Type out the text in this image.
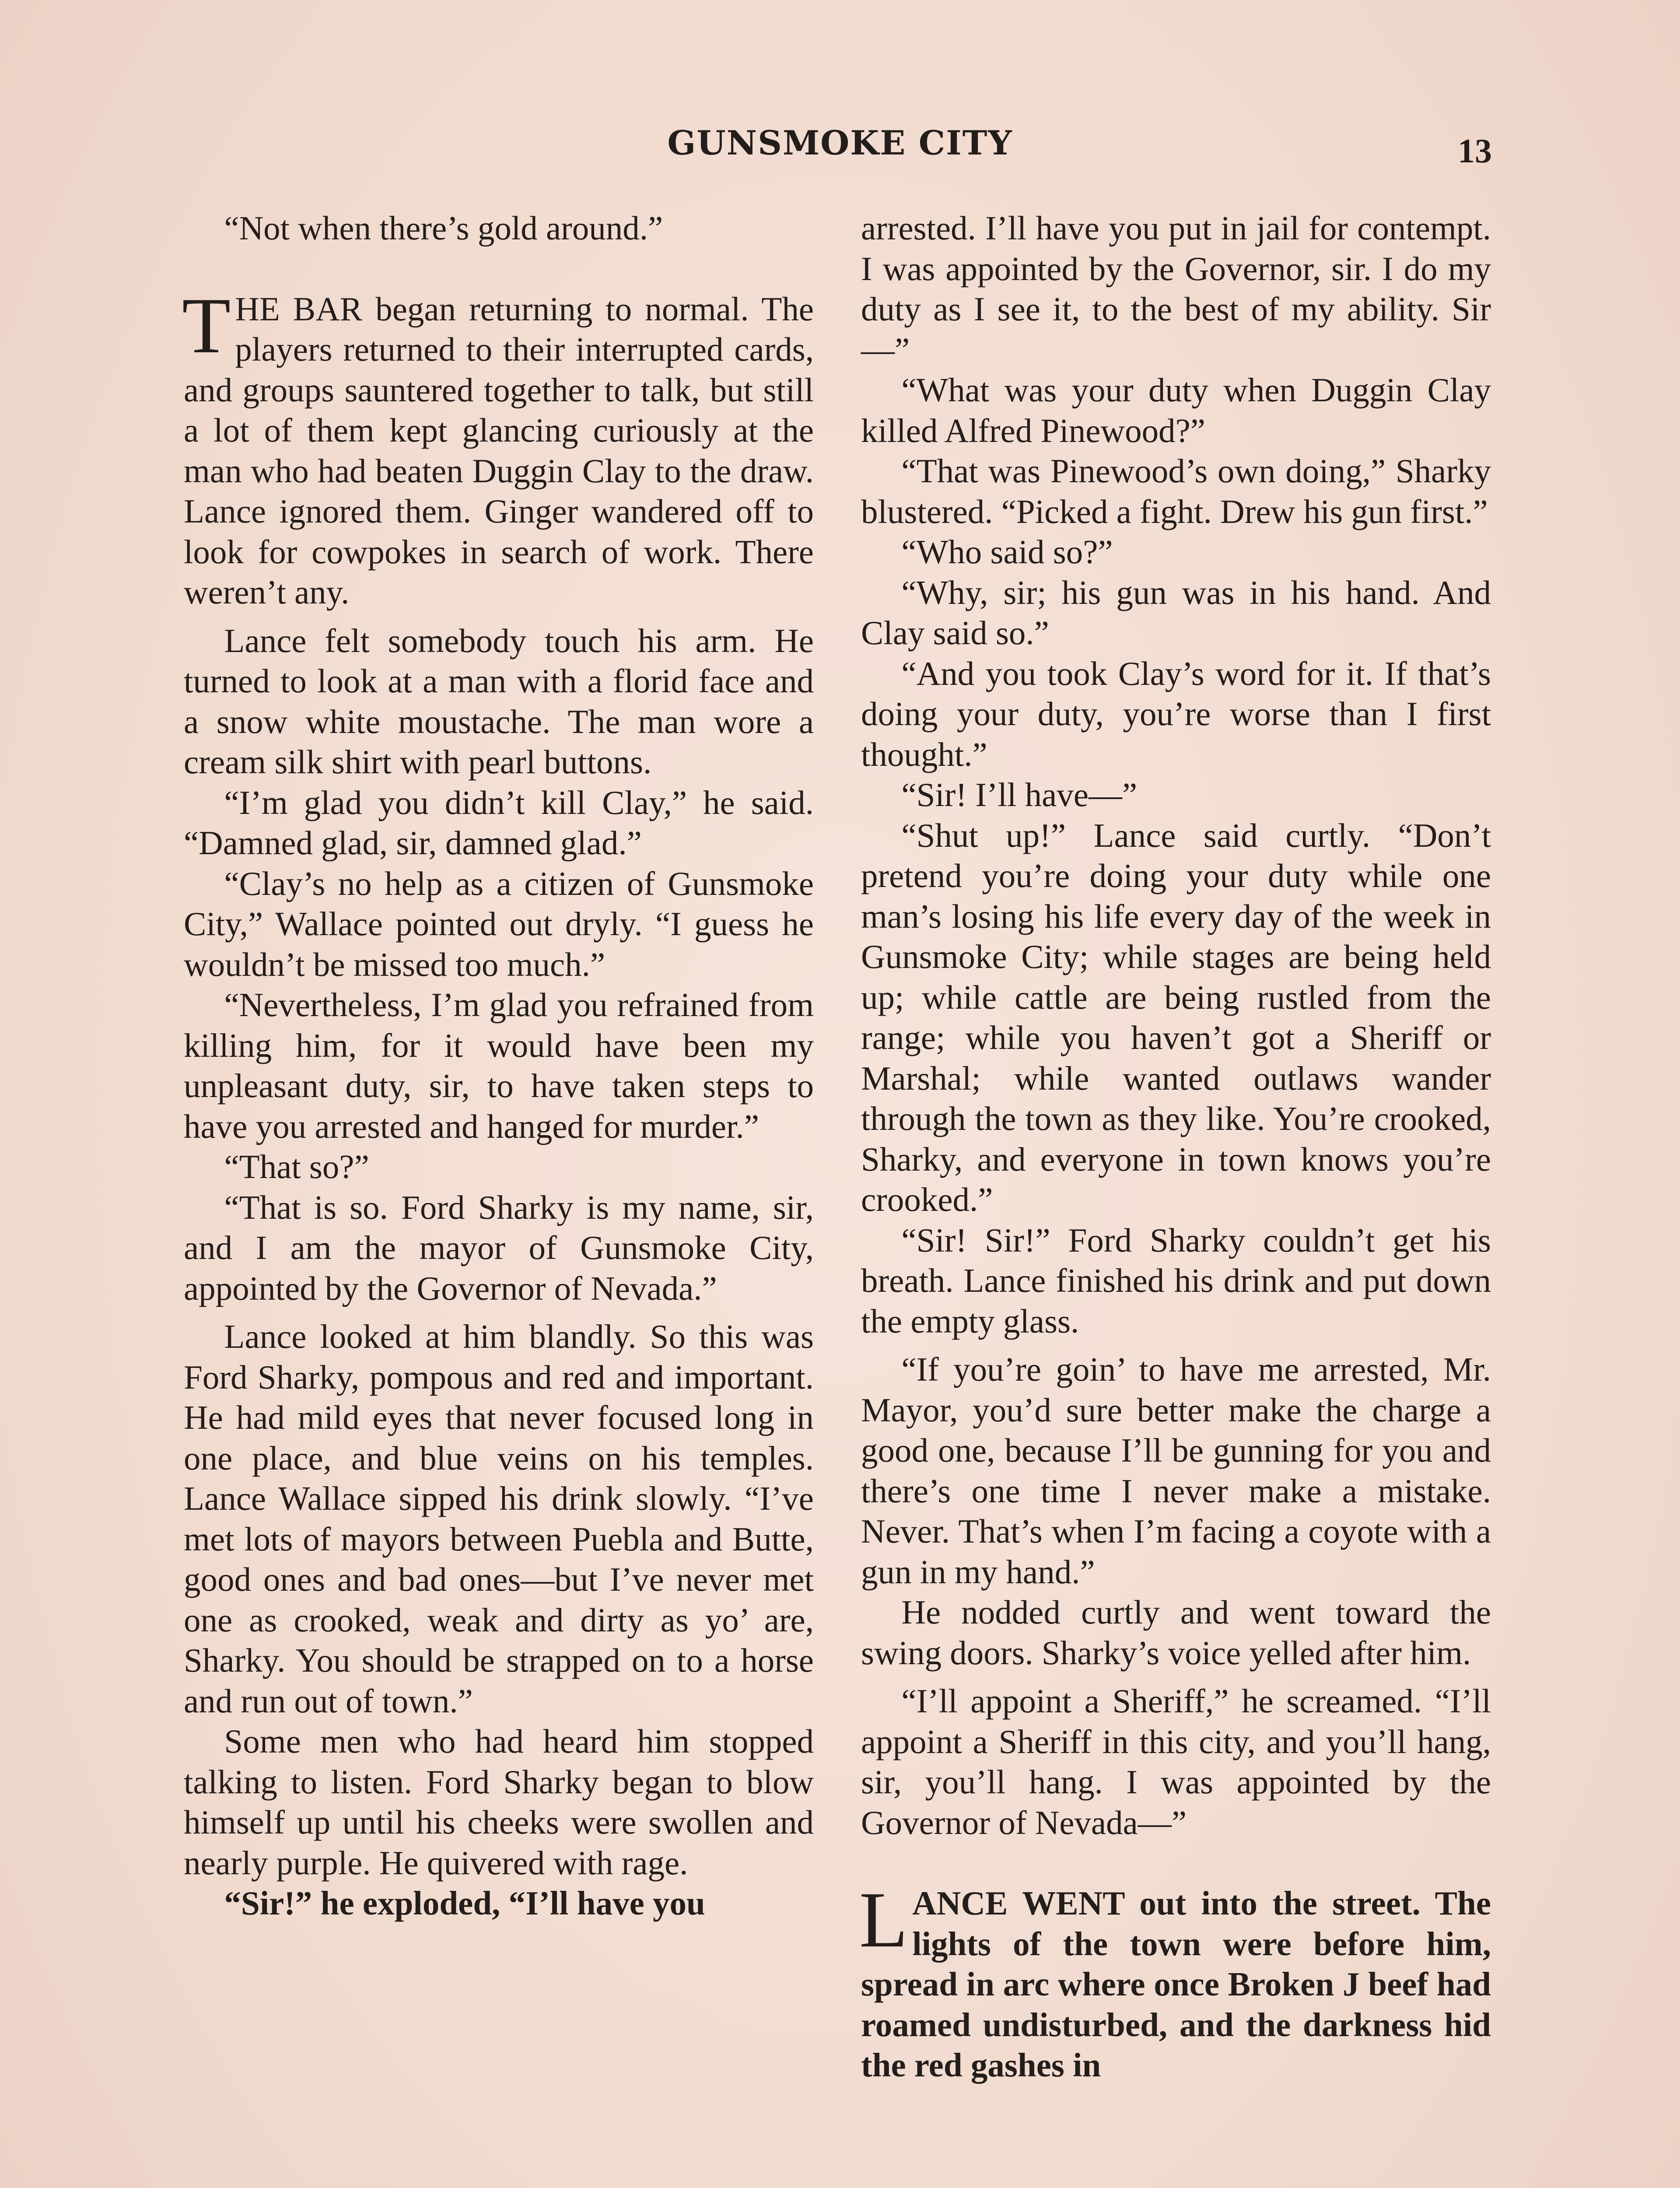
GUNSMOKE CITY	13

“Not when there’s gold around.”

THE BAR began returning to normal. The players returned to their interrupted cards, and groups sauntered together to talk, but still a lot of them kept glancing curiously at the man who had beaten Duggin Clay to the draw. Lance ignored them. Ginger wandered off to look for cowpokes in search of work. There weren’t any.

Lance felt somebody touch his arm. He turned to look at a man with a florid face and a snow white moustache. The man wore a cream silk shirt with pearl buttons.

“I’m glad you didn’t kill Clay,” he said. “Damned glad, sir, damned glad.”

“Clay’s no help as a citizen of Gunsmoke City,” Wallace pointed out dryly. “I guess he wouldn’t be missed too much.”

“Nevertheless, I’m glad you refrained from killing him, for it would have been my unpleasant duty, sir, to have taken steps to have you arrested and hanged for murder.”

“That so?”

“That is so. Ford Sharky is my name, sir, and I am the mayor of Gunsmoke City, appointed by the Governor of Nevada.”

Lance looked at him blandly. So this was Ford Sharky, pompous and red and important. He had mild eyes that never focused long in one place, and blue veins on his temples. Lance Wallace sipped his drink slowly. “I’ve met lots of mayors between Puebla and Butte, good ones and bad ones—but I’ve never met one as crooked, weak and dirty as yo’ are, Sharky. You should be strapped on to a horse and run out of town.”

Some men who had heard him stopped talking to listen. Ford Sharky began to blow himself up until his cheeks were swollen and nearly purple. He quivered with rage.

“Sir!” he exploded, “I’ll have you

arrested. I’ll have you put in jail for contempt. I was appointed by the Governor, sir. I do my duty as I see it, to the best of my ability. Sir—”

“What was your duty when Duggin Clay killed Alfred Pinewood?”

“That was Pinewood’s own doing,” Sharky blustered. “Picked a fight. Drew his gun first.”

“Who said so?”

“Why, sir; his gun was in his hand. And Clay said so.”

“And you took Clay’s word for it. If that’s doing your duty, you’re worse than I first thought.”

“Sir! I’ll have—”

“Shut up!” Lance said curtly. “Don’t pretend you’re doing your duty while one man’s losing his life every day of the week in Gunsmoke City; while stages are being held up; while cattle are being rustled from the range; while you haven’t got a Sheriff or Marshal; while wanted outlaws wander through the town as they like. You’re crooked, Sharky, and everyone in town knows you’re crooked.”

“Sir! Sir!” Ford Sharky couldn’t get his breath. Lance finished his drink and put down the empty glass.

“If you’re goin’ to have me arrested, Mr. Mayor, you’d sure better make the charge a good one, because I’ll be gunning for you and there’s one time I never make a mistake. Never. That’s when I’m facing a coyote with a gun in my hand.”

He nodded curtly and went toward the swing doors. Sharky’s voice yelled after him.

“I’ll appoint a Sheriff,” he screamed. “I’ll appoint a Sheriff in this city, and you’ll hang, sir, you’ll hang. I was appointed by the Governor of Nevada—”

LANCE WENT out into the street. The lights of the town were before him, spread in arc where once Broken J beef had roamed undisturbed, and the darkness hid the red gashes in
